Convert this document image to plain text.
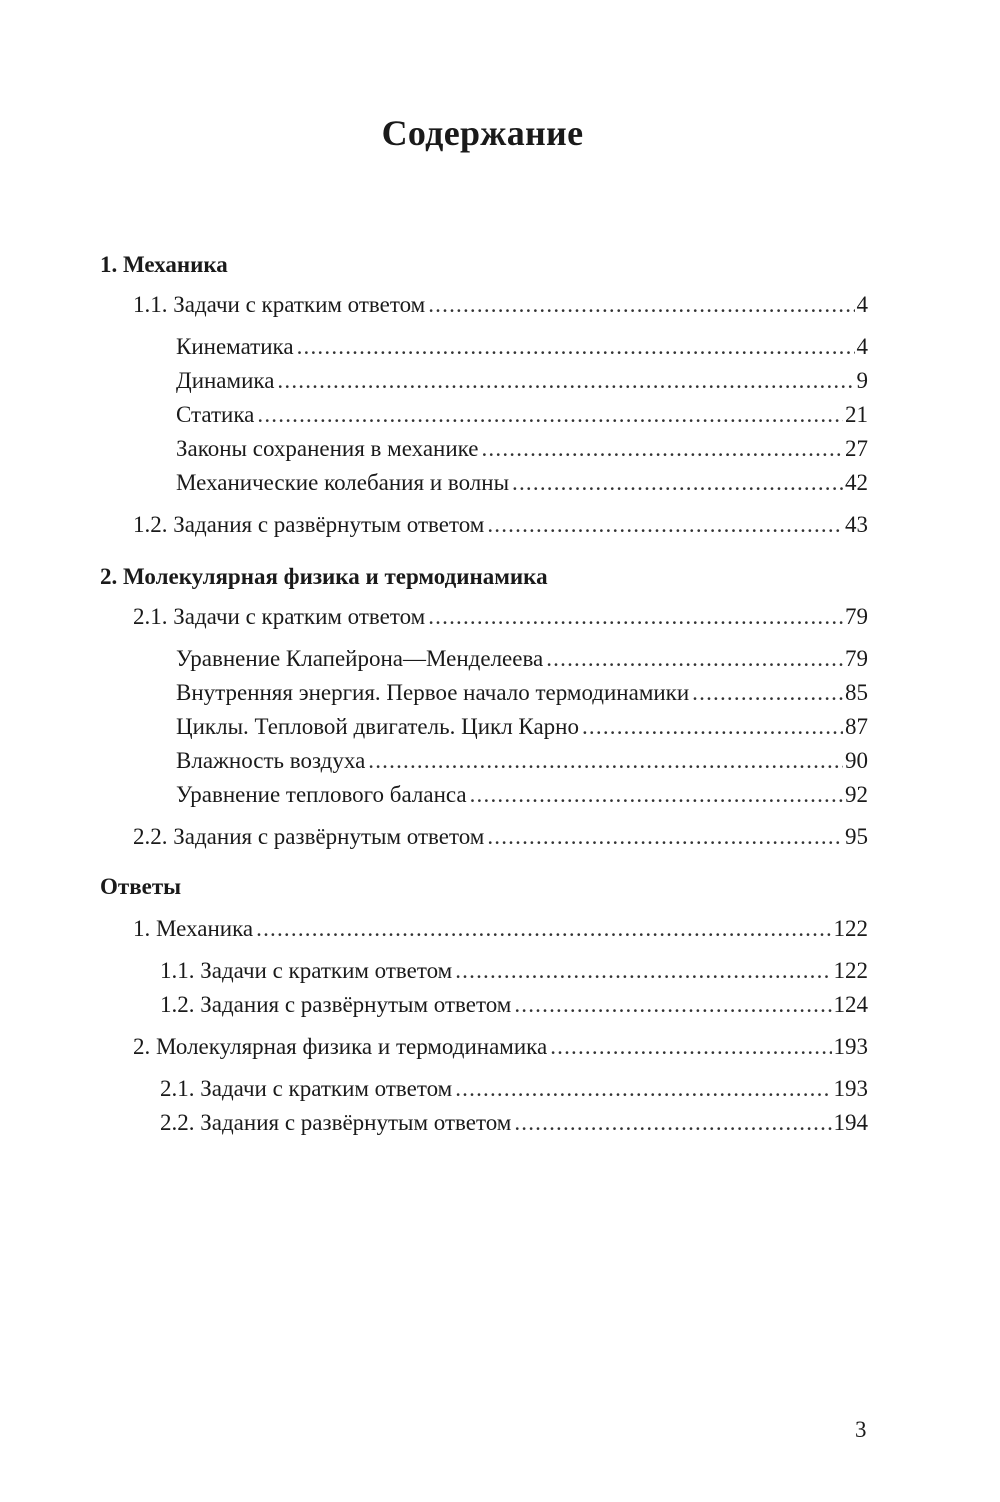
Содержание
1. Механика
1.1. Задачи с кратким ответом .....	4
Кинематика .....	4
Динамика .....	9
Статика .....	21
Законы сохранения в механике .....	27
Механические колебания и волны .....	42
1.2. Задания с развёрнутым ответом .....	43
2. Молекулярная физика и термодинамика
2.1. Задачи с кратким ответом .....	79
Уравнение Клапейрона—Менделеева .....	79
Внутренняя энергия. Первое начало термодинамики .....	85
Циклы. Тепловой двигатель. Цикл Карно .....	87
Влажность воздуха .....	90
Уравнение теплового баланса .....	92
2.2. Задания с развёрнутым ответом .....	95
Ответы
1. Механика .....	122
1.1. Задачи с кратким ответом .....	122
1.2. Задания с развёрнутым ответом .....	124
2. Молекулярная физика и термодинамика .....	193
2.1. Задачи с кратким ответом .....	193
2.2. Задания с развёрнутым ответом .....	194
3
